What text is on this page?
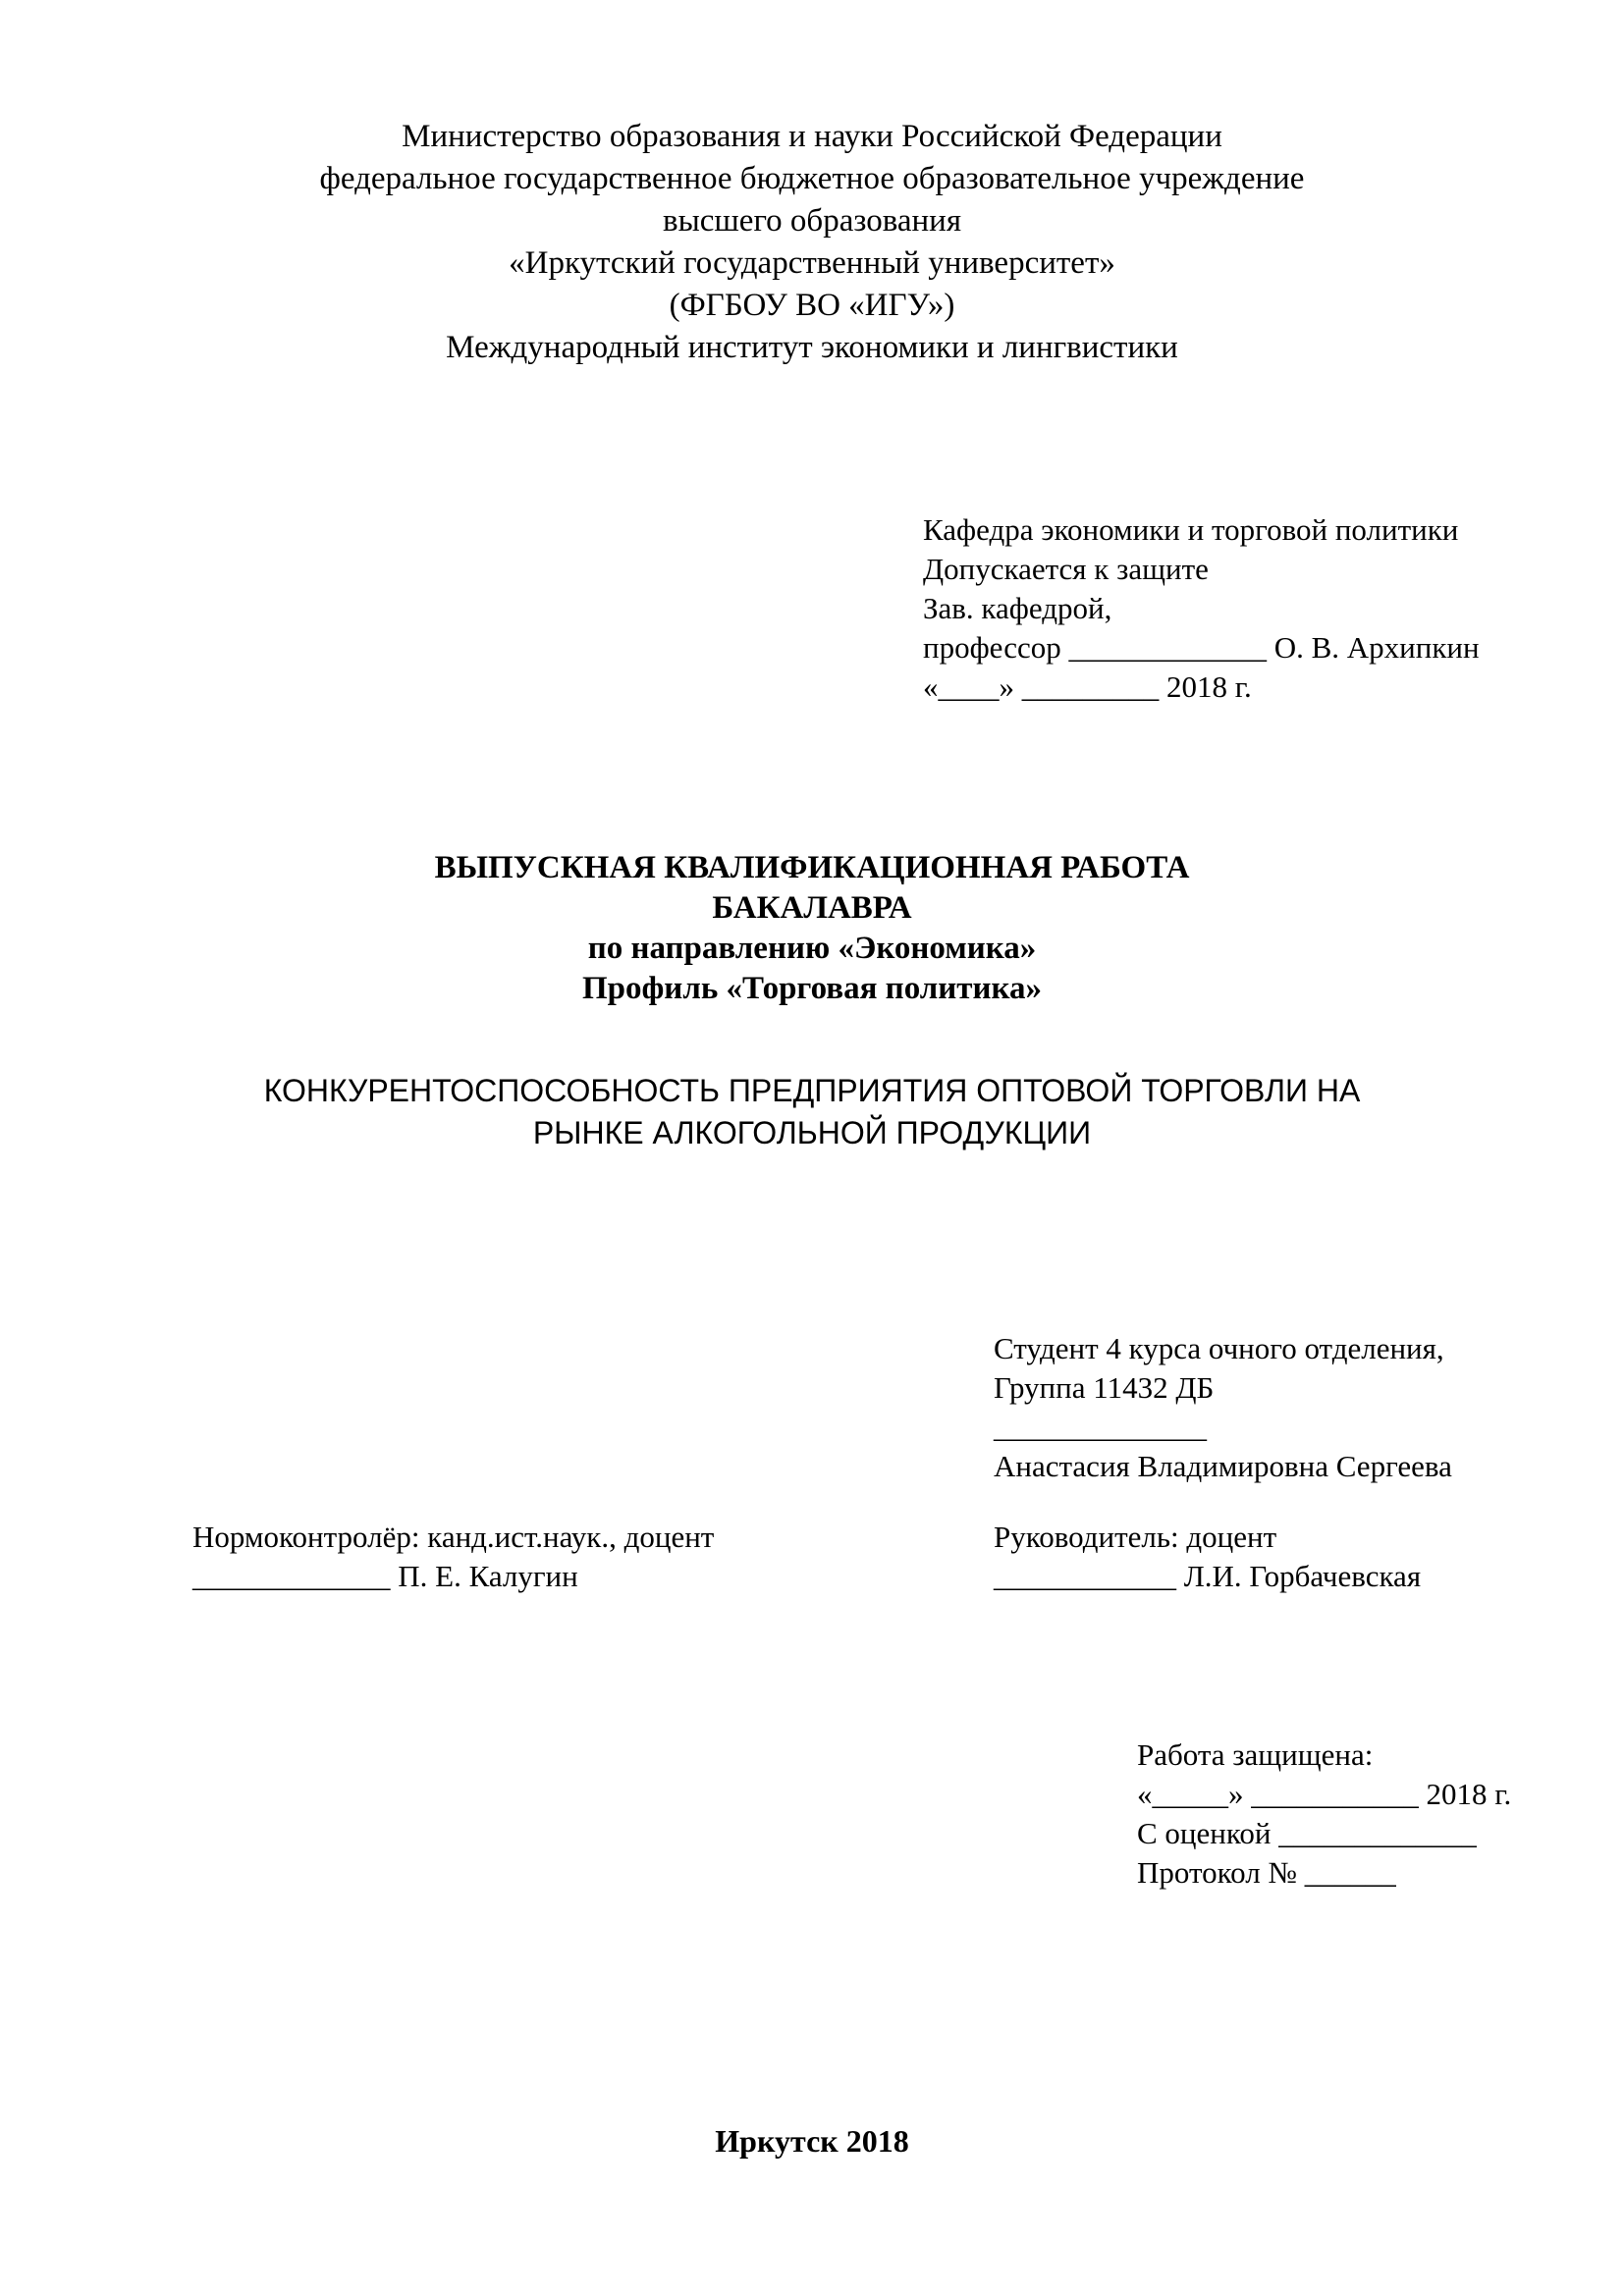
Министерство образования и науки Российской Федерации
федеральное государственное бюджетное образовательное учреждение
высшего образования
«Иркутский государственный университет»
(ФГБОУ ВО «ИГУ»)
Международный институт экономики и лингвистики
Кафедра экономики и торговой политики
Допускается к защите
Зав. кафедрой,
профессор _____________ О. В. Архипкин
«____» _________ 2018 г.
ВЫПУСКНАЯ КВАЛИФИКАЦИОННАЯ РАБОТА
БАКАЛАВРА
по направлению «Экономика»
Профиль «Торговая политика»
КОНКУРЕНТОСПОСОБНОСТЬ ПРЕДПРИЯТИЯ ОПТОВОЙ ТОРГОВЛИ НА
РЫНКЕ АЛКОГОЛЬНОЙ ПРОДУКЦИИ
Студент 4 курса очного отделения,
Группа 11432 ДБ
______________
Анастасия Владимировна Сергеева
Нормоконтролёр: канд.ист.наук., доцент
_____________ П. Е. Калугин
Руководитель: доцент
____________ Л.И. Горбачевская
Работа защищена:
«_____» ___________ 2018 г.
С оценкой _____________
Протокол № ______
Иркутск 2018
